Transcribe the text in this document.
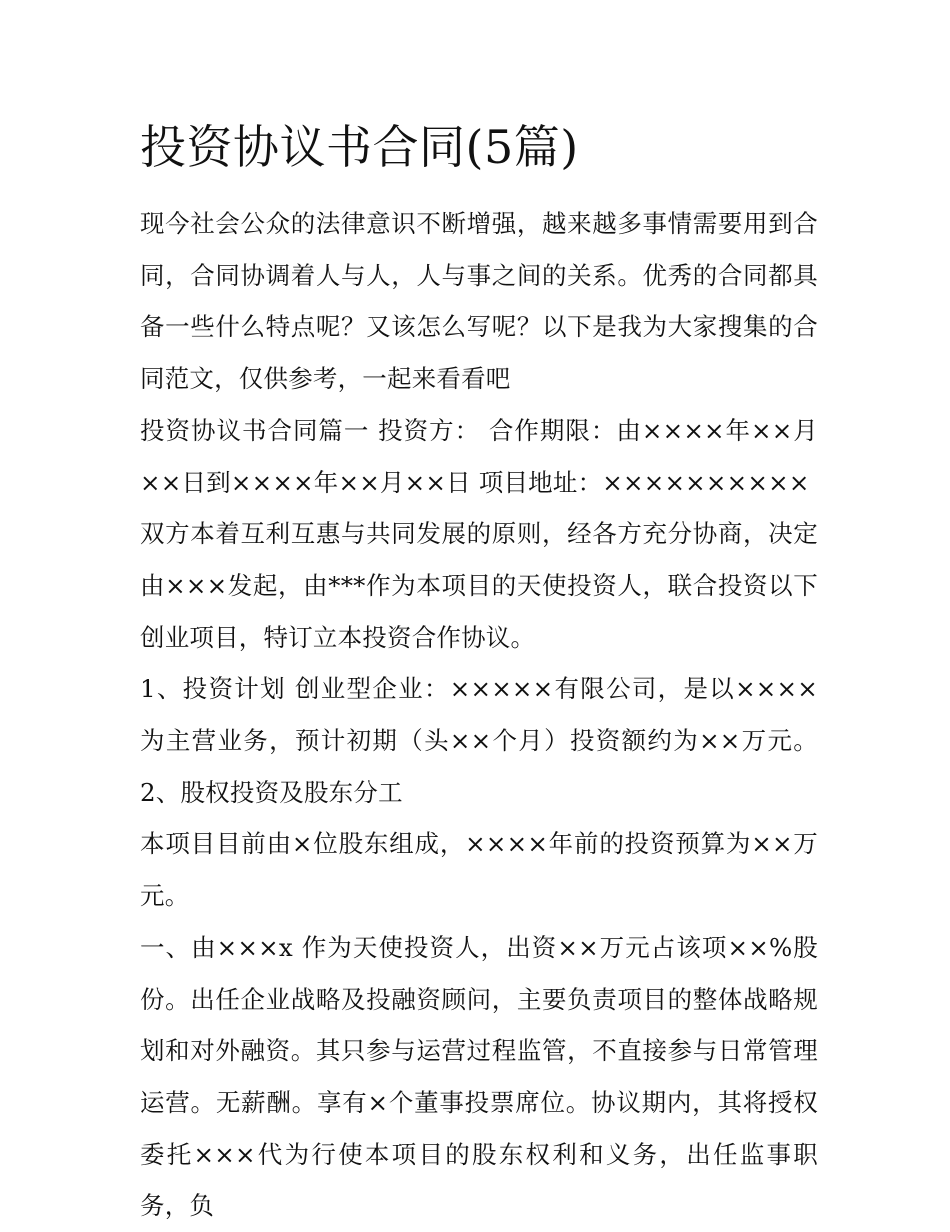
投资协议书合同(5篇)

现今社会公众的法律意识不断增强，越来越多事情需要用到合同，合同协调着人与人，人与事之间的关系。优秀的合同都具备一些什么特点呢？又该怎么写呢？以下是我为大家搜集的合同范文，仅供参考，一起来看看吧

投资协议书合同篇一 投资方： 合作期限：由××××年××月××日到××××年××月××日 项目地址：××××××××××

双方本着互利互惠与共同发展的原则，经各方充分协商，决定由×××发起，由***作为本项目的天使投资人，联合投资以下创业项目，特订立本投资合作协议。

1、投资计划 创业型企业：×××××有限公司，是以××××为主营业务，预计初期（头××个月）投资额约为××万元。 2、股权投资及股东分工

本项目目前由×位股东组成，××××年前的投资预算为××万元。

一、由×××x 作为天使投资人，出资××万元占该项××%股份。出任企业战略及投融资顾问，主要负责项目的整体战略规划和对外融资。其只参与运营过程监管，不直接参与日常管理运营。无薪酬。享有×个董事投票席位。协议期内，其将授权委托×××代为行使本项目的股东权利和义务，出任监事职务，负
